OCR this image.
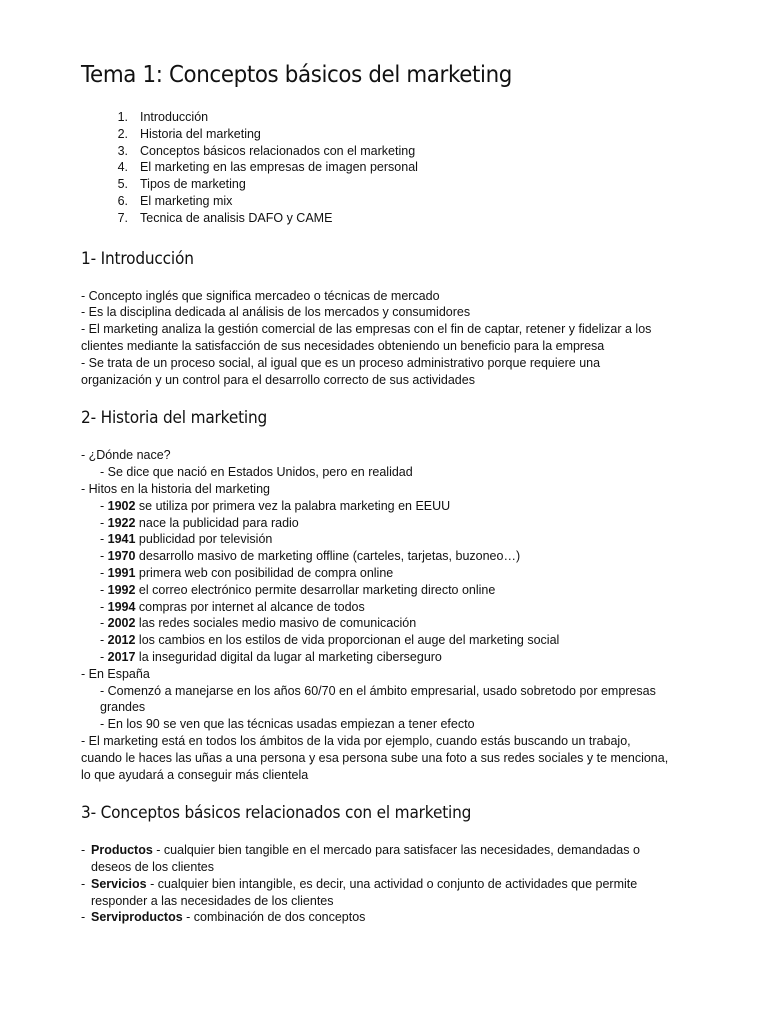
Tema 1: Conceptos básicos del marketing
1. Introducción
2. Historia del marketing
3. Conceptos básicos relacionados con el marketing
4. El marketing en las empresas de imagen personal
5. Tipos de marketing
6. El marketing mix
7. Tecnica de analisis DAFO y CAME
1- Introducción
- Concepto inglés que significa mercadeo o técnicas de mercado
- Es la disciplina dedicada al análisis de los mercados y consumidores
- El marketing analiza la gestión comercial de las empresas con el fin de captar, retener y fidelizar a los
clientes mediante la satisfacción de sus necesidades obteniendo un beneficio para la empresa
- Se trata de un proceso social, al igual que es un proceso administrativo porque requiere una
organización y un control para el desarrollo correcto de sus actividades
2- Historia del marketing
- ¿Dónde nace?
- Se dice que nació en Estados Unidos, pero en realidad
- Hitos en la historia del marketing
- 1902 se utiliza por primera vez la palabra marketing en EEUU
- 1922 nace la publicidad para radio
- 1941 publicidad por televisión
- 1970 desarrollo masivo de marketing offline (carteles, tarjetas, buzoneo…)
- 1991 primera web con posibilidad de compra online
- 1992 el correo electrónico permite desarrollar marketing directo online
- 1994 compras por internet al alcance de todos
- 2002 las redes sociales medio masivo de comunicación
- 2012 los cambios en los estilos de vida proporcionan el auge del marketing social
- 2017 la inseguridad digital da lugar al marketing ciberseguro
- En España
- Comenzó a manejarse en los años 60/70 en el ámbito empresarial, usado sobretodo por empresas
grandes
- En los 90 se ven que las técnicas usadas empiezan a tener efecto
- El marketing está en todos los ámbitos de la vida por ejemplo, cuando estás buscando un trabajo,
cuando le haces las uñas a una persona y esa persona sube una foto a sus redes sociales y te menciona,
lo que ayudará a conseguir más clientela
3- Conceptos básicos relacionados con el marketing
- Productos - cualquier bien tangible en el mercado para satisfacer las necesidades, demandadas o
deseos de los clientes
- Servicios - cualquier bien intangible, es decir, una actividad o conjunto de actividades que permite
responder a las necesidades de los clientes
- Serviproductos - combinación de dos conceptos
